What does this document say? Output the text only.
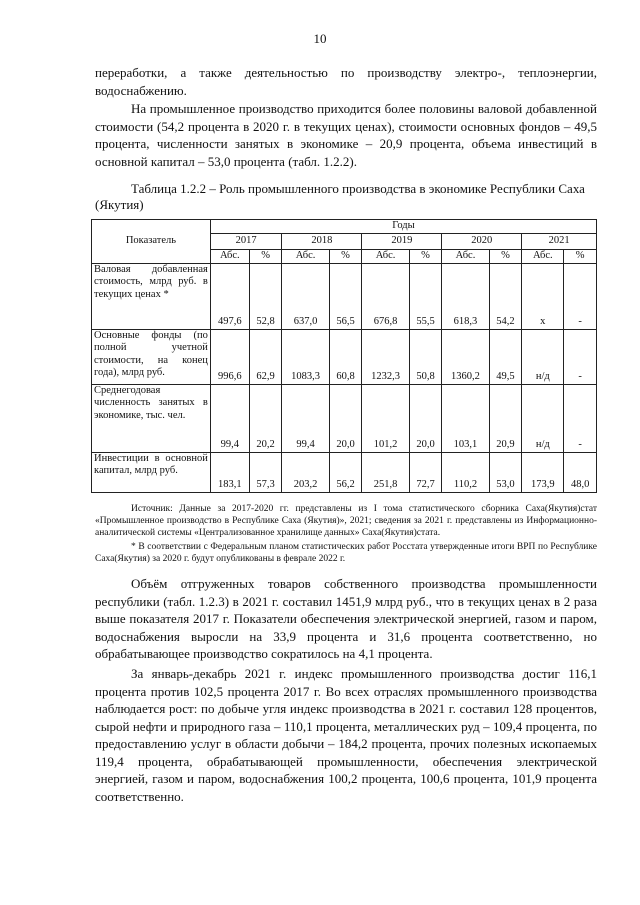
10

переработки, а также деятельностью по производству электро-, теплоэнергии, водоснабжению.

На промышленное производство приходится более половины валовой добавленной стоимости (54,2 процента в 2020 г. в текущих ценах), стоимости основных фондов – 49,5 процента, численности занятых в экономике – 20,9 процента, объема инвестиций в основной капитал – 53,0 процента (табл. 1.2.2).

Таблица 1.2.2 – Роль промышленного производства в экономике Республики Саха (Якутия)

Показатель	Годы									
	2017		2018		2019		2020		2021	
	Абс.	%	Абс.	%	Абс.	%	Абс.	%	Абс.	%
Валовая добавленная стоимость, млрд руб. в текущих ценах *	497,6	52,8	637,0	56,5	676,8	55,5	618,3	54,2	х	-
Основные фонды (по полной учетной стоимости, на конец года), млрд руб.	996,6	62,9	1083,3	60,8	1232,3	50,8	1360,2	49,5	н/д	-
Среднегодовая численность занятых в экономике, тыс. чел.	99,4	20,2	99,4	20,0	101,2	20,0	103,1	20,9	н/д	-
Инвестиции в основной капитал, млрд руб.	183,1	57,3	203,2	56,2	251,8	72,7	110,2	53,0	173,9	48,0

Источник: Данные за 2017-2020 гг. представлены из I тома статистического сборника Саха(Якутия)стат «Промышленное производство в Республике Саха (Якутия)», 2021; сведения за 2021 г. представлены из Информационно-аналитической системы «Централизованное хранилище данных» Саха(Якутия)стата.

* В соответствии с Федеральным планом статистических работ Росстата утвержденные итоги ВРП по Республике Саха(Якутия) за 2020 г. будут опубликованы в феврале 2022 г.

Объём отгруженных товаров собственного производства промышленности республики (табл. 1.2.3) в 2021 г. составил 1451,9 млрд руб., что в текущих ценах в 2 раза выше показателя 2017 г. Показатели обеспечения электрической энергией, газом и паром, водоснабжения выросли на 33,9 процента и 31,6 процента соответственно, но обрабатывающее производство сократилось на 4,1 процента.

За январь-декабрь 2021 г. индекс промышленного производства достиг 116,1 процента против 102,5 процента 2017 г. Во всех отраслях промышленного производства наблюдается рост: по добыче угля индекс производства в 2021 г. составил 128 процентов, сырой нефти и природного газа – 110,1 процента, металлических руд – 109,4 процента, по предоставлению услуг в области добычи – 184,2 процента, прочих полезных ископаемых 119,4 процента, обрабатывающей промышленности, обеспечения электрической энергией, газом и паром, водоснабжения 100,2 процента, 100,6 процента, 101,9 процента соответственно.
